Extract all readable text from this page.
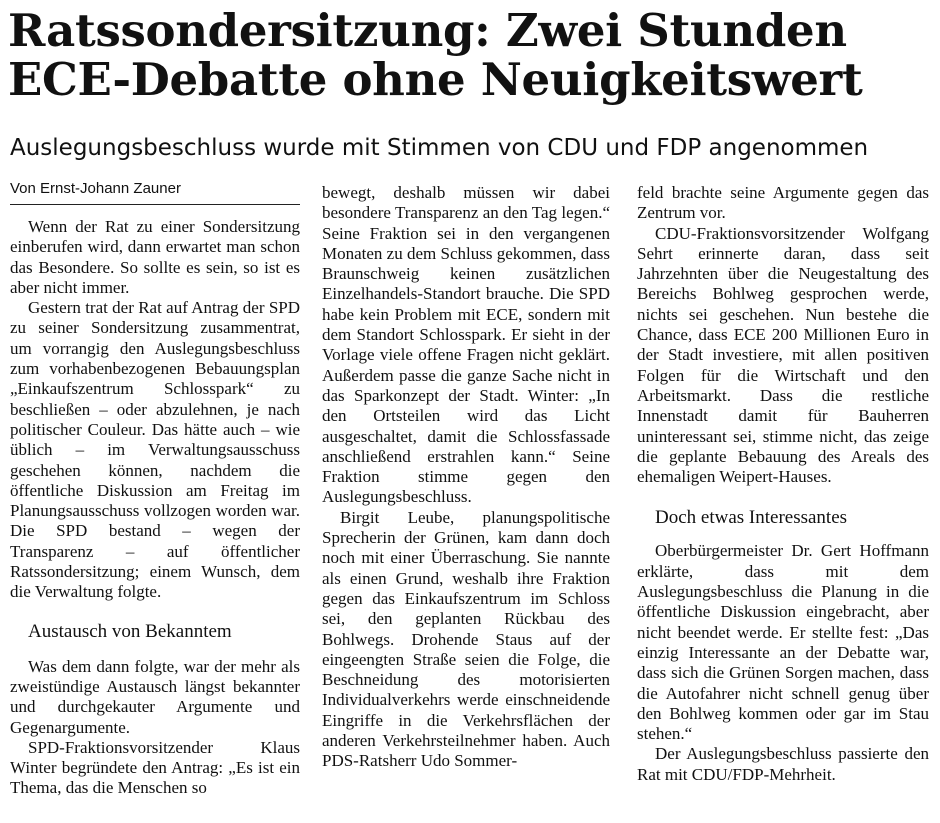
Ratssondersitzung: Zwei Stunden
ECE-Debatte ohne Neuigkeitswert
Auslegungsbeschluss wurde mit Stimmen von CDU und FDP angenommen
Von Ernst-Johann Zauner

Wenn der Rat zu einer Sondersitzung einberufen wird, dann erwartet man schon das Besondere. So sollte es sein, so ist es aber nicht immer.

Gestern trat der Rat auf Antrag der SPD zu seiner Sondersitzung zusammentrat, um vorrangig den Auslegungsbeschluss zum vorhabenbezogenen Bebauungsplan „Einkaufszentrum Schlosspark“ zu beschließen – oder abzulehnen, je nach politischer Couleur. Das hätte auch – wie üblich – im Verwaltungsausschuss geschehen können, nachdem die öffentliche Diskussion am Freitag im Planungsausschuss vollzogen worden war. Die SPD bestand – wegen der Transparenz – auf öffentlicher Ratssondersitzung; einem Wunsch, dem die Verwaltung folgte.

Austausch von Bekanntem

Was dem dann folgte, war der mehr als zweistündige Austausch längst bekannter und durchgekauter Argumente und Gegenargumente.

SPD-Fraktionsvorsitzender Klaus Winter begründete den Antrag: „Es ist ein Thema, das die Menschen so

bewegt, deshalb müssen wir dabei besondere Transparenz an den Tag legen.“ Seine Fraktion sei in den vergangenen Monaten zu dem Schluss gekommen, dass Braunschweig keinen zusätzlichen Einzelhandels-Standort brauche. Die SPD habe kein Problem mit ECE, sondern mit dem Standort Schlosspark. Er sieht in der Vorlage viele offene Fragen nicht geklärt. Außerdem passe die ganze Sache nicht in das Sparkonzept der Stadt. Winter: „In den Ortsteilen wird das Licht ausgeschaltet, damit die Schlossfassade anschließend erstrahlen kann.“ Seine Fraktion stimme gegen den Auslegungsbeschluss.

Birgit Leube, planungspolitische Sprecherin der Grünen, kam dann doch noch mit einer Überraschung. Sie nannte als einen Grund, weshalb ihre Fraktion gegen das Einkaufszentrum im Schloss sei, den geplanten Rückbau des Bohlwegs. Drohende Staus auf der eingeengten Straße seien die Folge, die Beschneidung des motorisierten Individualverkehrs werde einschneidende Eingriffe in die Verkehrsflächen der anderen Verkehrsteilnehmer haben. Auch PDS-Ratsherr Udo Sommer-

feld brachte seine Argumente gegen das Zentrum vor.

CDU-Fraktionsvorsitzender Wolfgang Sehrt erinnerte daran, dass seit Jahrzehnten über die Neugestaltung des Bereichs Bohlweg gesprochen werde, nichts sei geschehen. Nun bestehe die Chance, dass ECE 200 Millionen Euro in der Stadt investiere, mit allen positiven Folgen für die Wirtschaft und den Arbeitsmarkt. Dass die restliche Innenstadt damit für Bauherren uninteressant sei, stimme nicht, das zeige die geplante Bebauung des Areals des ehemaligen Weipert-Hauses.

Doch etwas Interessantes

Oberbürgermeister Dr. Gert Hoffmann erklärte, dass mit dem Auslegungsbeschluss die Planung in die öffentliche Diskussion eingebracht, aber nicht beendet werde. Er stellte fest: „Das einzig Interessante an der Debatte war, dass sich die Grünen Sorgen machen, dass die Autofahrer nicht schnell genug über den Bohlweg kommen oder gar im Stau stehen.“

Der Auslegungsbeschluss passierte den Rat mit CDU/FDP-Mehrheit.
